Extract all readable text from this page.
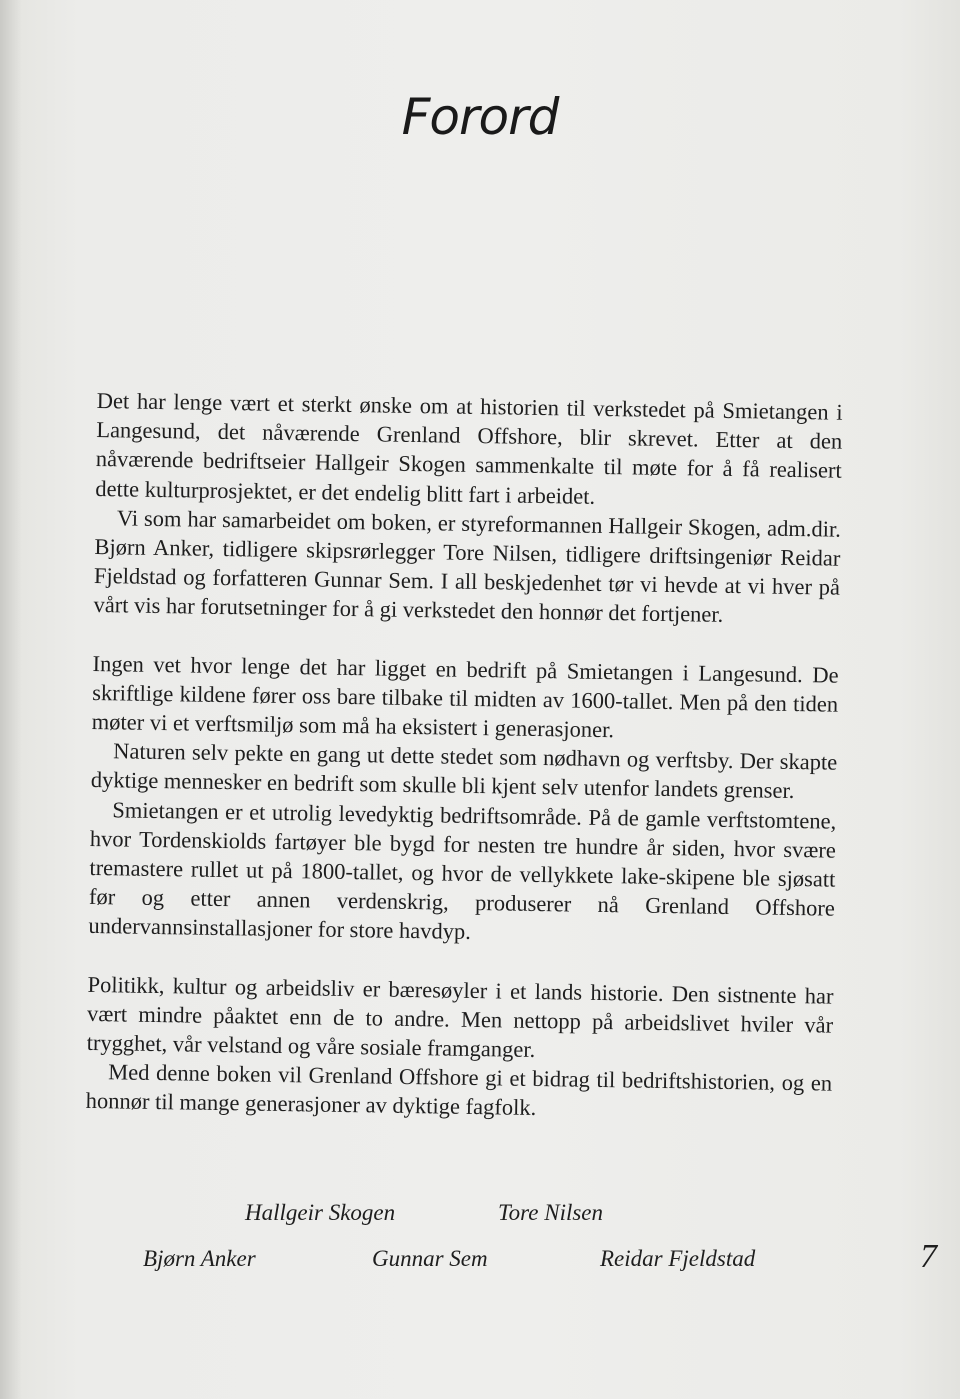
Forord

Det har lenge vært et sterkt ønske om at historien til verkstedet på Smietangen i Langesund, det nåværende Grenland Offshore, blir skrevet. Etter at den nåværende bedriftseier Hallgeir Skogen sammenkalte til møte for å få realisert dette kulturprosjektet, er det endelig blitt fart i arbeidet.

Vi som har samarbeidet om boken, er styreformannen Hallgeir Skogen, adm.dir. Bjørn Anker, tidligere skipsrørlegger Tore Nilsen, tidligere driftsingeniør Reidar Fjeldstad og forfatteren Gunnar Sem. I all beskjedenhet tør vi hevde at vi hver på vårt vis har forutsetninger for å gi verkstedet den honnør det fortjener.

Ingen vet hvor lenge det har ligget en bedrift på Smietangen i Langesund. De skriftlige kildene fører oss bare tilbake til midten av 1600-tallet. Men på den tiden møter vi et verftsmiljø som må ha eksistert i generasjoner.

Naturen selv pekte en gang ut dette stedet som nødhavn og verftsby. Der skapte dyktige mennesker en bedrift som skulle bli kjent selv utenfor landets grenser.

Smietangen er et utrolig levedyktig bedriftsområde. På de gamle verftstomtene, hvor Tordenskiolds fartøyer ble bygd for nesten tre hundre år siden, hvor svære tremastere rullet ut på 1800-tallet, og hvor de vellykkete lake-skipene ble sjøsatt før og etter annen verdenskrig, produserer nå Grenland Offshore undervannsinstallasjoner for store havdyp.

Politikk, kultur og arbeidsliv er bæresøyler i et lands historie. Den sistnente har vært mindre påaktet enn de to andre. Men nettopp på arbeidslivet hviler vår trygghet, vår velstand og våre sosiale framganger.

Med denne boken vil Grenland Offshore gi et bidrag til bedriftshistorien, og en honnør til mange generasjoner av dyktige fagfolk.

Hallgeir Skogen	Tore Nilsen
Bjørn Anker	Gunnar Sem	Reidar Fjeldstad	7
